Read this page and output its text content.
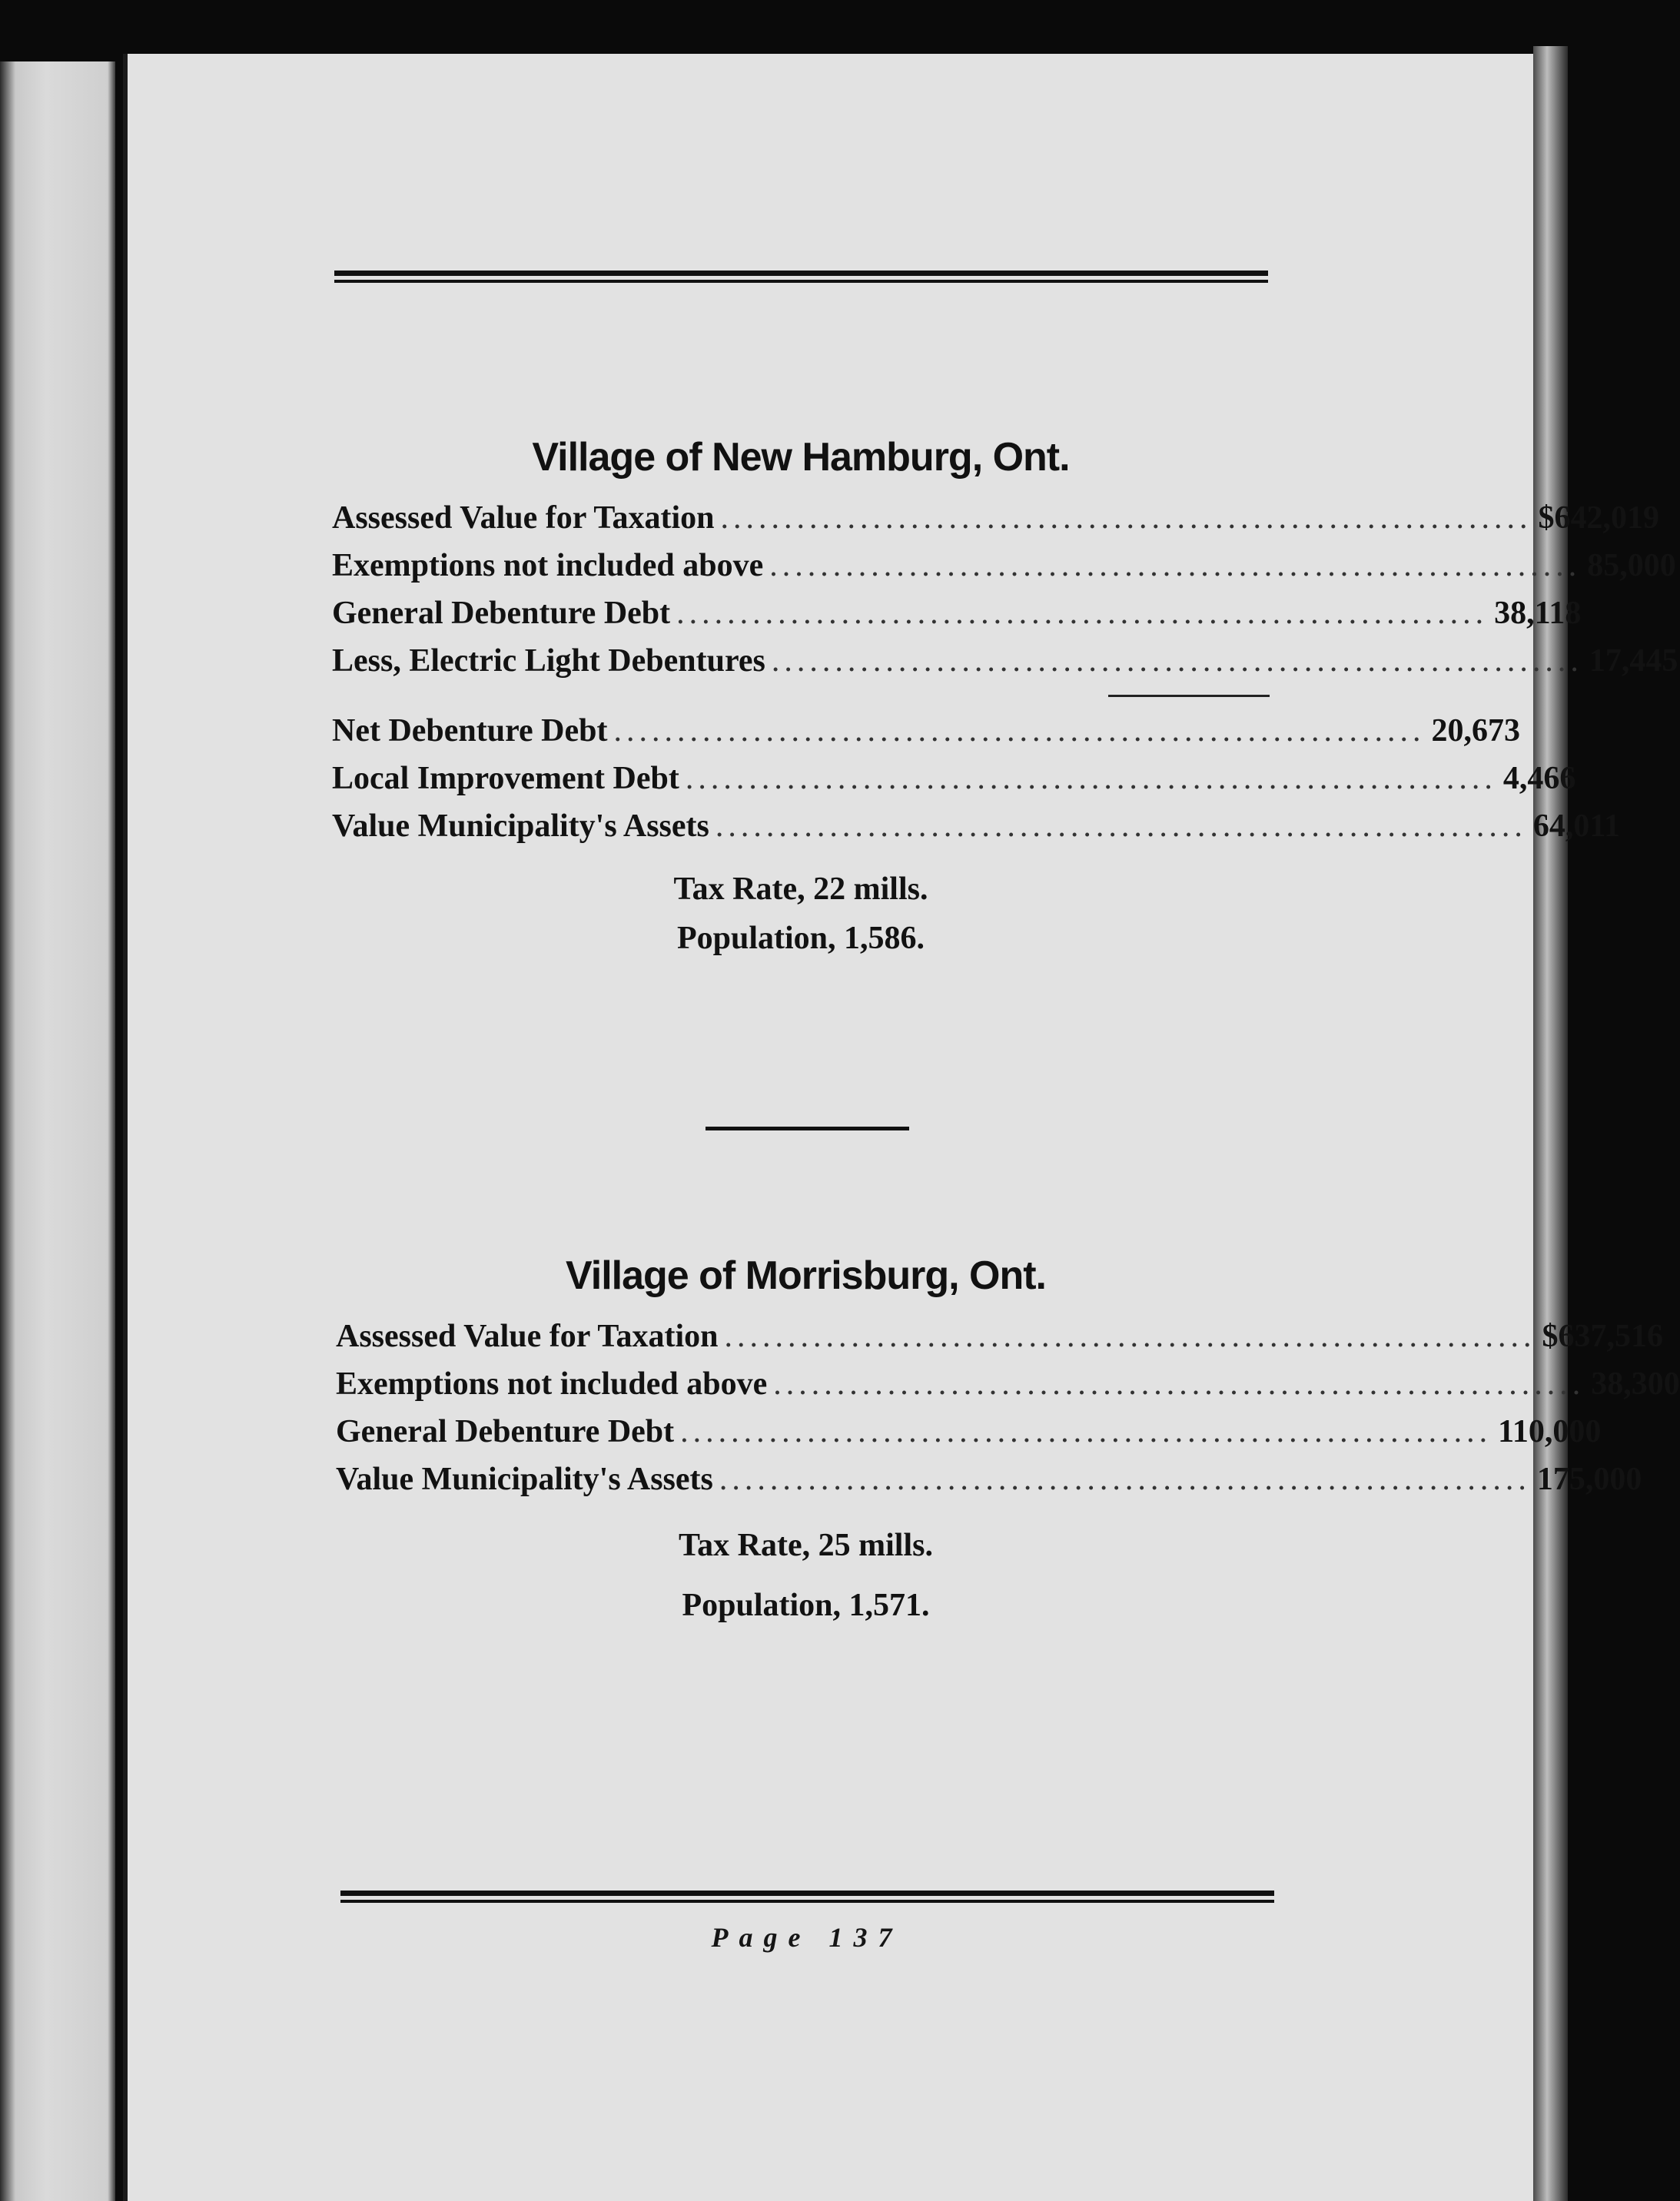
Village of New Hamburg, Ont.
Assessed Value for Taxation ................................................................ $642,019
Exemptions not included above ................................................................ 85,000
General Debenture Debt ................................................................ 38,118
Less, Electric Light Debentures ................................................................ 17,445
Net Debenture Debt ................................................................ 20,673
Local Improvement Debt ................................................................ 4,466
Value Municipality's Assets ................................................................ 64,011
Tax Rate, 22 mills.
Population, 1,586.
Village of Morrisburg, Ont.
Assessed Value for Taxation ................................................................ $637,516
Exemptions not included above ................................................................ 38,300
General Debenture Debt ................................................................ 110,000
Value Municipality's Assets ................................................................ 175,000
Tax Rate, 25 mills.
Population, 1,571.
Page 137
